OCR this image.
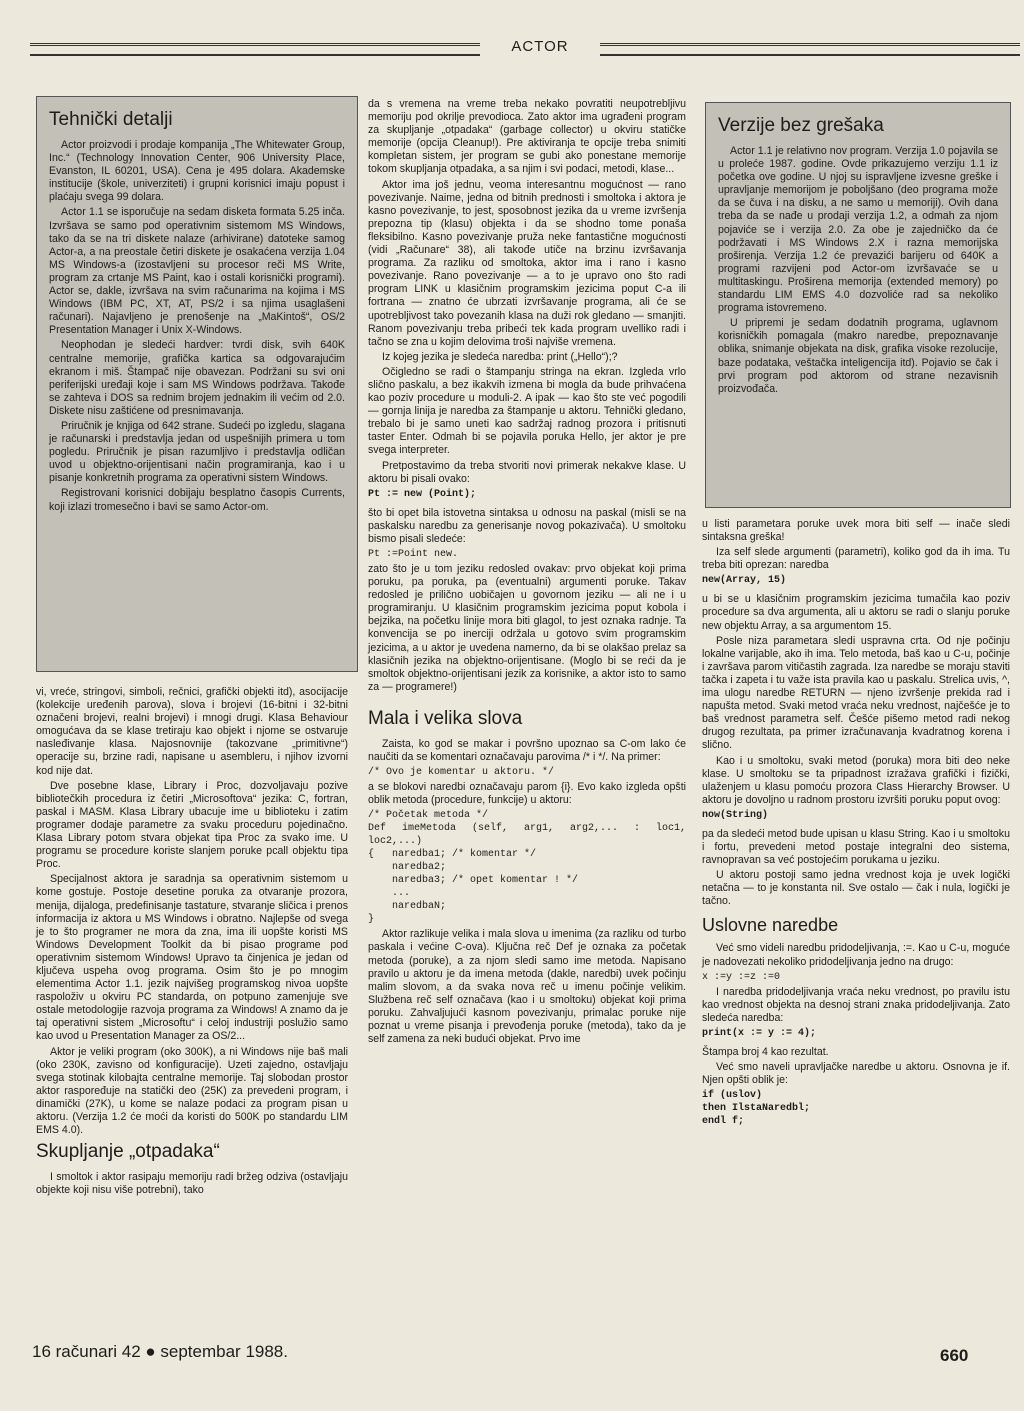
ACTOR
Tehnički detalji

Actor proizvodi i prodaje kompanija „The Whitewater Group, Inc.“ (Technology Innovation Center, 906 University Place, Evanston, IL 60201, USA). Cena je 495 dolara. Akademske institucije (škole, univerziteti) i grupni korisnici imaju popust i plaćaju svega 99 dolara.

Actor 1.1 se isporučuje na sedam disketa formata 5.25 inča. Izvršava se samo pod operativnim sistemom MS Windows, tako da se na tri diskete nalaze (arhivirane) datoteke samog Actor-a, a na preostale četiri diskete je osakaćena verzija 1.04 MS Windows-a (izostavljeni su procesor reči MS Write, program za crtanje MS Paint, kao i ostali korisnički programi). Actor se, dakle, izvršava na svim računarima na kojima i MS Windows (IBM PC, XT, AT, PS/2 i sa njima usaglašeni računari). Najavljeno je prenošenje na „MaKintoš“, OS/2 Presentation Manager i Unix X-Windows.

Neophodan je sledeći hardver: tvrdi disk, svih 640K centralne memorije, grafička kartica sa odgovarajućim ekranom i miš. Štampač nije obavezan. Podržani su svi oni periferijski uređaji koje i sam MS Windows podržava. Takođe se zahteva i DOS sa rednim brojem jednakim ili većim od 2.0. Diskete nisu zaštićene od presnimavanja.

Priručnik je knjiga od 642 strane. Sudeći po izgledu, slagana je računarski i predstavlja jedan od uspešnijih primera u tom pogledu. Priručnik je pisan razumljivo i predstavlja odličan uvod u objektno-orijentisani način programiranja, kao i u pisanje konkretnih programa za operativni sistem Windows.

Registrovani korisnici dobijaju besplatno časopis Currents, koji izlazi tromesečno i bavi se samo Actor-om.

vi, vreće, stringovi, simboli, rečnici, grafički objekti itd), asocijacije (kolekcije uređenih parova), slova i brojevi (16-bitni i 32-bitni označeni brojevi, realni brojevi) i mnogi drugi. Klasa Behaviour omogućava da se klase tretiraju kao objekt i njome se ostvaruje nasleđivanje klasa. Najosnovnije (takozvane „primitivne“) operacije su, brzine radi, napisane u asembleru, i njihov izvorni kod nije dat.

Dve posebne klase, Library i Proc, dozvoljavaju pozive bibliotečkih procedura iz četiri „Microsoftova“ jezika: C, fortran, paskal i MASM. Klasa Library ubacuje ime u biblioteku i zatim programer dodaje parametre za svaku proceduru pojedinačno. Klasa Library potom stvara objekat tipa Proc za svako ime. U programu se procedure koriste slanjem poruke pcall objektu tipa Proc.

Specijalnost aktora je saradnja sa operativnim sistemom u kome gostuje. Postoje desetine poruka za otvaranje prozora, menija, dijaloga, predefinisanje tastature, stvaranje sličica i prenos informacija iz aktora u MS Windows i obratno. Najlepše od svega je to što programer ne mora da zna, ima ili uopšte koristi MS Windows Development Toolkit da bi pisao programe pod operativnim sistemom Windows! Upravo ta činjenica je jedan od ključeva uspeha ovog programa. Osim što je po mnogim elementima Actor 1.1. jezik najvišeg programskog nivoa uopšte raspoloživ u okviru PC standarda, on potpuno zamenjuje sve ostale metodologije razvoja programa za Windows! A znamo da je taj operativni sistem „Microsoftu“ i celoj industriji poslužio samo kao uvod u Presentation Manager za OS/2...

Aktor je veliki program (oko 300K), a ni Windows nije baš mali (oko 230K, zavisno od konfiguracije). Uzeti zajedno, ostavljaju svega stotinak kilobajta centralne memorije. Taj slobodan prostor aktor raspoređuje na statički deo (25K) za prevedeni program, i dinamički (27K), u kome se nalaze podaci za program pisan u aktoru. (Verzija 1.2 će moći da koristi do 500K po standardu LIM EMS 4.0).

Skupljanje „otpadaka“

I smoltok i aktor rasipaju memoriju radi bržeg odziva (ostavljaju objekte koji nisu više potrebni), tako

da s vremena na vreme treba nekako povratiti neupotrebljivu memoriju pod okrilje prevodioca. Zato aktor ima ugrađeni program za skupljanje „otpadaka“ (garbage collector) u okviru statičke memorije (opcija Cleanup!). Pre aktiviranja te opcije treba snimiti kompletan sistem, jer program se gubi ako ponestane memorije tokom skupljanja otpadaka, a sa njim i svi podaci, metodi, klase...

Aktor ima još jednu, veoma interesantnu mogućnost — rano povezivanje. Naime, jedna od bitnih prednosti i smoltoka i aktora je kasno povezivanje, to jest, sposobnost jezika da u vreme izvršenja prepozna tip (klasu) objekta i da se shodno tome ponaša fleksibilno. Kasno povezivanje pruža neke fantastične mogućnosti (vidi „Računare“ 38), ali takođe utiče na brzinu izvršavanja programa. Za razliku od smoltoka, aktor ima i rano i kasno povezivanje. Rano povezivanje — a to je upravo ono što radi program LINK u klasičnim programskim jezicima poput C-a ili fortrana — znatno će ubrzati izvršavanje programa, ali će se upotrebljivost tako povezanih klasa na duži rok gledano — smanjiti. Ranom povezivanju treba pribeći tek kada program uvelliko radi i tačno se zna u kojim delovima troši najviše vremena.

Iz kojeg jezika je sledeća naredba: print („Hello“);?

Očigledno se radi o štampanju stringa na ekran. Izgleda vrlo slično paskalu, a bez ikakvih izmena bi mogla da bude prihvaćena kao poziv procedure u moduli-2. A ipak — kao što ste već pogodili — gornja linija je naredba za štampanje u aktoru. Tehnički gledano, trebalo bi je samo uneti kao sadržaj radnog prozora i pritisnuti taster Enter. Odmah bi se pojavila poruka Hello, jer aktor je pre svega interpreter.

Pretpostavimo da treba stvoriti novi primerak nekakve klase. U aktoru bi pisali ovako:

Pt := new (Point);

što bi opet bila istovetna sintaksa u odnosu na paskal (misli se na paskalsku naredbu za generisanje novog pokazivača). U smoltoku bismo pisali sledeće:

Pt :=Point new.

zato što je u tom jeziku redosled ovakav: prvo objekat koji prima poruku, pa poruka, pa (eventualni) argumenti poruke. Takav redosled je prilično uobičajen u govornom jeziku — ali ne i u programiranju. U klasičnim programskim jezicima poput kobola i bejzika, na početku linije mora biti glagol, to jest oznaka radnje. Ta konvencija se po inerciji održala u gotovo svim programskim jezicima, a u aktor je uvedena namerno, da bi se olakšao prelaz sa klasičnih jezika na objektno-orijentisane. (Moglo bi se reći da je smoltok objektno-orijentisani jezik za korisnike, a aktor isto to samo za — programere!)

Mala i velika slova

Zaista, ko god se makar i površno upoznao sa C-om lako će naučiti da se komentari označavaju parovima /* i */. Na primer:

/* Ovo je komentar u aktoru. */

a se blokovi naredbi označavaju parom {i}. Evo kako izgleda opšti oblik metoda (procedure, funkcije) u aktoru:

/* Početak metoda */
Def imeMetoda (self, arg1, arg2,... : loc1, loc2,...)
{   naredba1; /* komentar */
naredba2;
naredba3; /* opet komentar ! */
...
naredbaN;
}

Aktor razlikuje velika i mala slova u imenima (za razliku od turbo paskala i većine C-ova). Ključna reč Def je oznaka za početak metoda (poruke), a za njom sledi samo ime metoda. Napisano pravilo u aktoru je da imena metoda (dakle, naredbi) uvek počinju malim slovom, a da svaka nova reč u imenu počinje velikim. Službena reč self označava (kao i u smoltoku) objekat koji prima poruku. Zahvaljujući kasnom povezivanju, primalac poruke nije poznat u vreme pisanja i prevođenja poruke (metoda), tako da je self zamena za neki budući objekat. Prvo ime

Verzije bez grešaka

Actor 1.1 je relativno nov program. Verzija 1.0 pojavila se u proleće 1987. godine. Ovde prikazujemo verziju 1.1 iz početka ove godine. U njoj su ispravljene izvesne greške i upravljanje memorijom je poboljšano (deo programa može da se čuva i na disku, a ne samo u memoriji). Ovih dana treba da se nađe u prodaji verzija 1.2, a odmah za njom pojaviće se i verzija 2.0. Za obe je zajedničko da će podržavati i MS Windows 2.X i razna memorijska proširenja. Verzija 1.2 će prevazići barijeru od 640K a programi razvijeni pod Actor-om izvršavaće se u multitaskingu. Proširena memorija (extended memory) po standardu LIM EMS 4.0 dozvoliće rad sa nekoliko programa istovremeno.

U pripremi je sedam dodatnih programa, uglavnom korisničkih pomagala (makro naredbe, prepoznavanje oblika, snimanje objekata na disk, grafika visoke rezolucije, baze podataka, veštačka inteligencija itd). Pojavio se čak i prvi program pod aktorom od strane nezavisnih proizvođača.

u listi parametara poruke uvek mora biti self — inače sledi sintaksna greška!

Iza self slede argumenti (parametri), koliko god da ih ima. Tu treba biti oprezan: naredba

new(Array, 15)

u bi se u klasičnim programskim jezicima tumačila kao poziv procedure sa dva argumenta, ali u aktoru se radi o slanju poruke new objektu Array, a sa argumentom 15.

Posle niza parametara sledi uspravna crta. Od nje počinju lokalne varijable, ako ih ima. Telo metoda, baš kao u C-u, počinje i završava parom vitičastih zagrada. Iza naredbe se moraju staviti tačka i zapeta i tu važe ista pravila kao u paskalu. Strelica uvis, ^, ima ulogu naredbe RETURN — njeno izvršenje prekida rad i napušta metod. Svaki metod vraća neku vrednost, najčešće je to baš vrednost parametra self. Češće pišemo metod radi nekog drugog rezultata, pa primer izračunavanja kvadratnog korena i slično.

Kao i u smoltoku, svaki metod (poruka) mora biti deo neke klase. U smoltoku se ta pripadnost izražava grafički i fizički, ulaženjem u klasu pomoću prozora Class Hierarchy Browser. U aktoru je dovoljno u radnom prostoru izvršiti poruku poput ovog:

now(String)

pa da sledeći metod bude upisan u klasu String. Kao i u smoltoku i fortu, prevedeni metod postaje integralni deo sistema, ravnopravan sa već postojećim porukama u jeziku.

U aktoru postoji samo jedna vrednost koja je uvek logički netačna — to je konstanta nil. Sve ostalo — čak i nula, logički je tačno.

Uslovne naredbe

Već smo videli naredbu pridodeljivanja, :=. Kao u C-u, moguće je nadovezati nekoliko pridodeljivanja jedno na drugo:

x :=y :=z :=0

I naredba pridodeljivanja vraća neku vrednost, po pravilu istu kao vrednost objekta na desnoj strani znaka pridodeljivanja. Zato sledeća naredba:

print(x := y := 4);

Štampa broj 4 kao rezultat.

Već smo naveli upravljačke naredbe u aktoru. Osnovna je if. Njen opšti oblik je:

if (uslov)
then IlstaNaredbl;
endl f;
16 računari 42 ● septembar 1988.	660
